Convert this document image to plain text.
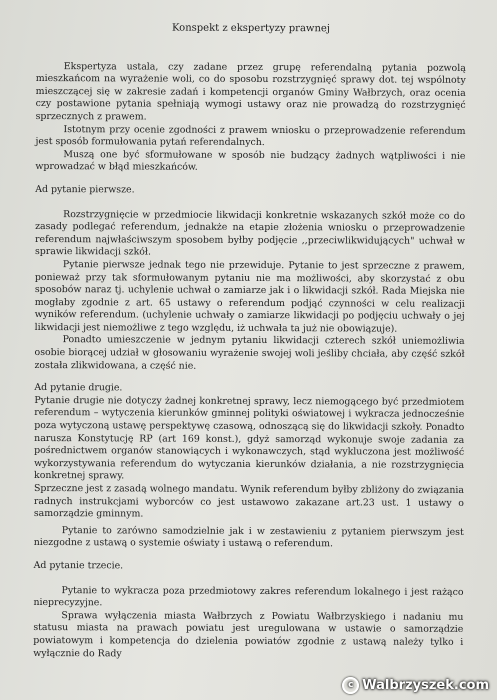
Konspekt z ekspertyzy prawnej

Ekspertyza ustala, czy zadane przez grupę referendalną pytania pozwolą mieszkańcom na wyrażenie woli, co do sposobu rozstrzygnięć sprawy dot. tej wspólnoty mieszczącej się w zakresie zadań i kompetencji organów Gminy Wałbrzych, oraz ocenia czy postawione pytania spełniają wymogi ustawy oraz nie prowadzą do rozstrzygnięć sprzecznych z prawem.

Istotnym przy ocenie zgodności z prawem wniosku o przeprowadzenie referendum jest sposób formułowania pytań referendalnych.

Muszą one być sformułowane w sposób nie budzący żadnych wątpliwości i nie wprowadzać w błąd mieszkańców.

Ad pytanie pierwsze.

Rozstrzygnięcie w przedmiocie likwidacji konkretnie wskazanych szkół może co do zasady podlegać referendum, jednakże na etapie złożenia wniosku o przeprowadzenie referendum najwłaściwszym sposobem byłby podjęcie ,,przeciwlikwidujących" uchwał w sprawie likwidacji szkół.

Pytanie pierwsze jednak tego nie przewiduje. Pytanie to jest sprzeczne z prawem, ponieważ przy tak sformułowanym pytaniu nie ma możliwości, aby skorzystać z obu sposobów naraz tj. uchylenie uchwał o zamiarze jak i o likwidacji szkół. Rada Miejska nie mogłaby zgodnie z art. 65 ustawy o referendum podjąć czynności w celu realizacji wyników referendum. (uchylenie uchwały o zamiarze likwidacji po podjęciu uchwały o jej likwidacji jest niemożliwe z tego względu, iż uchwała ta już nie obowiązuje).

Ponadto umieszczenie w jednym pytaniu likwidacji czterech szkół uniemożliwia osobie biorącej udział w głosowaniu wyrażenie swojej woli jeśliby chciała, aby część szkół została zlikwidowana, a część nie.

Ad pytanie drugie.

Pytanie drugie nie dotyczy żadnej konkretnej sprawy, lecz niemogącego być przedmiotem referendum – wytyczenia kierunków gminnej polityki oświatowej i wykracza jednocześnie poza wytyczoną ustawę perspektywę czasową, odnoszącą się do likwidacji szkoły. Ponadto narusza Konstytucję RP (art 169 konst.), gdyż samorząd wykonuje swoje zadania za pośrednictwem organów stanowiących i wykonawczych, stąd wykluczona jest możliwość wykorzystywania referendum do wytyczania kierunków działania, a nie rozstrzygnięcia konkretnej sprawy.

Sprzeczne jest z zasadą wolnego mandatu. Wynik referendum byłby zbliżony do związania radnych instrukcjami wyborców co jest ustawowo zakazane art.23 ust. 1 ustawy o samorządzie gminnym.

Pytanie to zarówno samodzielnie jak i w zestawieniu z pytaniem pierwszym jest niezgodne z ustawą o systemie oświaty i ustawą o referendum.

Ad pytanie trzecie.

Pytanie to wykracza poza przedmiotowy zakres referendum lokalnego i jest rażąco nieprecyzyjne.

Sprawa wyłączenia miasta Wałbrzych z Powiatu Wałbrzyskiego i nadaniu mu statusu miasta na prawach powiatu jest uregulowana w ustawie o samorządzie powiatowym i kompetencja do dzielenia powiatów zgodnie z ustawą należy tylko i wyłącznie do Rady

c Walbrzyszek.com
